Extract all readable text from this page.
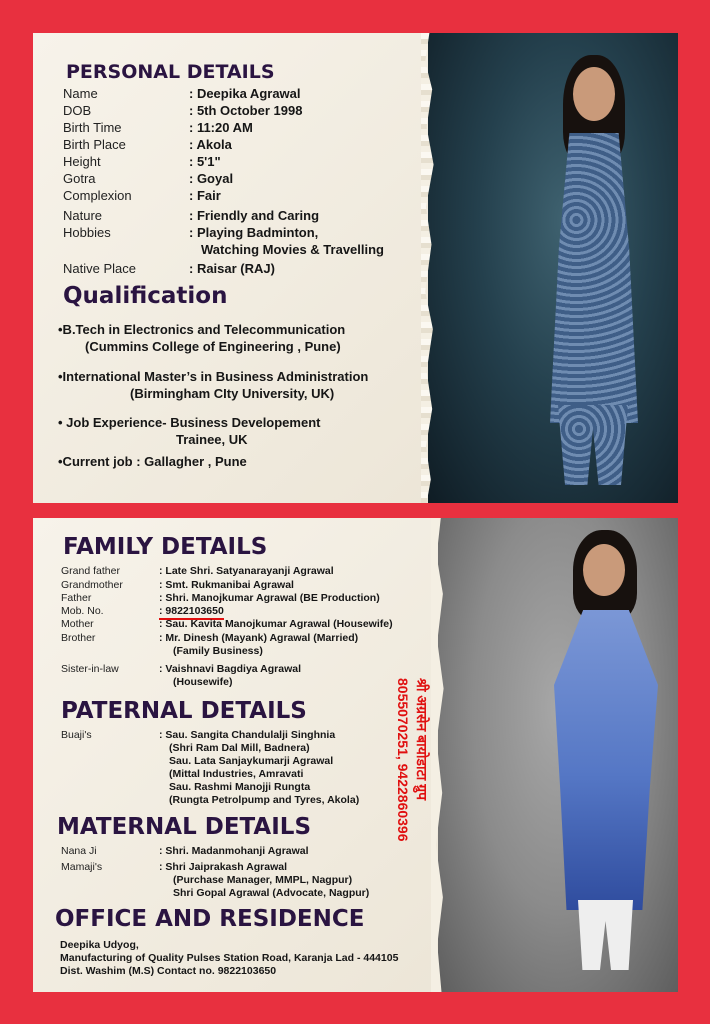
PERSONAL DETAILS
Name	: Deepika Agrawal
DOB	: 5th October 1998
Birth Time	: 11:20 AM
Birth Place	: Akola
Height	: 5'1"
Gotra	: Goyal
Complexion	: Fair
Nature	: Friendly and Caring
Hobbies	: Playing Badminton,
Watching Movies & Travelling
Native Place	: Raisar (RAJ)
Qualification
•B.Tech in Electronics and Telecommunication
(Cummins College of Engineering , Pune)
•International Master’s in Business Administration
(Birmingham CIty University, UK)
• Job Experience- Business Developement
Trainee, UK
•Current job : Gallagher , Pune
FAMILY DETAILS
Grand father	: Late Shri. Satyanarayanji Agrawal
Grandmother	: Smt. Rukmanibai Agrawal
Father	: Shri. Manojkumar Agrawal (BE Production)
Mob. No.	: 9822103650
Mother	: Sau. Kavita Manojkumar Agrawal (Housewife)
Brother	: Mr. Dinesh (Mayank) Agrawal (Married)
(Family Business)
Sister-in-law	: Vaishnavi Bagdiya Agrawal
(Housewife)
PATERNAL DETAILS
Buaji's	: Sau. Sangita Chandulalji Singhnia
(Shri Ram Dal Mill, Badnera)
Sau. Lata Sanjaykumarji Agrawal
(Mittal Industries, Amravati
Sau. Rashmi Manojji Rungta
(Rungta Petrolpump and Tyres, Akola)
MATERNAL DETAILS
Nana Ji	: Shri. Madanmohanji Agrawal
Mamaji's	: Shri Jaiprakash Agrawal
(Purchase Manager, MMPL, Nagpur)
Shri Gopal Agrawal (Advocate, Nagpur)
OFFICE AND RESIDENCE
Deepika Udyog,
Manufacturing of Quality Pulses Station Road, Karanja Lad - 444105
Dist. Washim (M.S) Contact no. 9822103650
श्री अग्रसेन बायोडाटा ग्रुप
8055070251, 9422860396
